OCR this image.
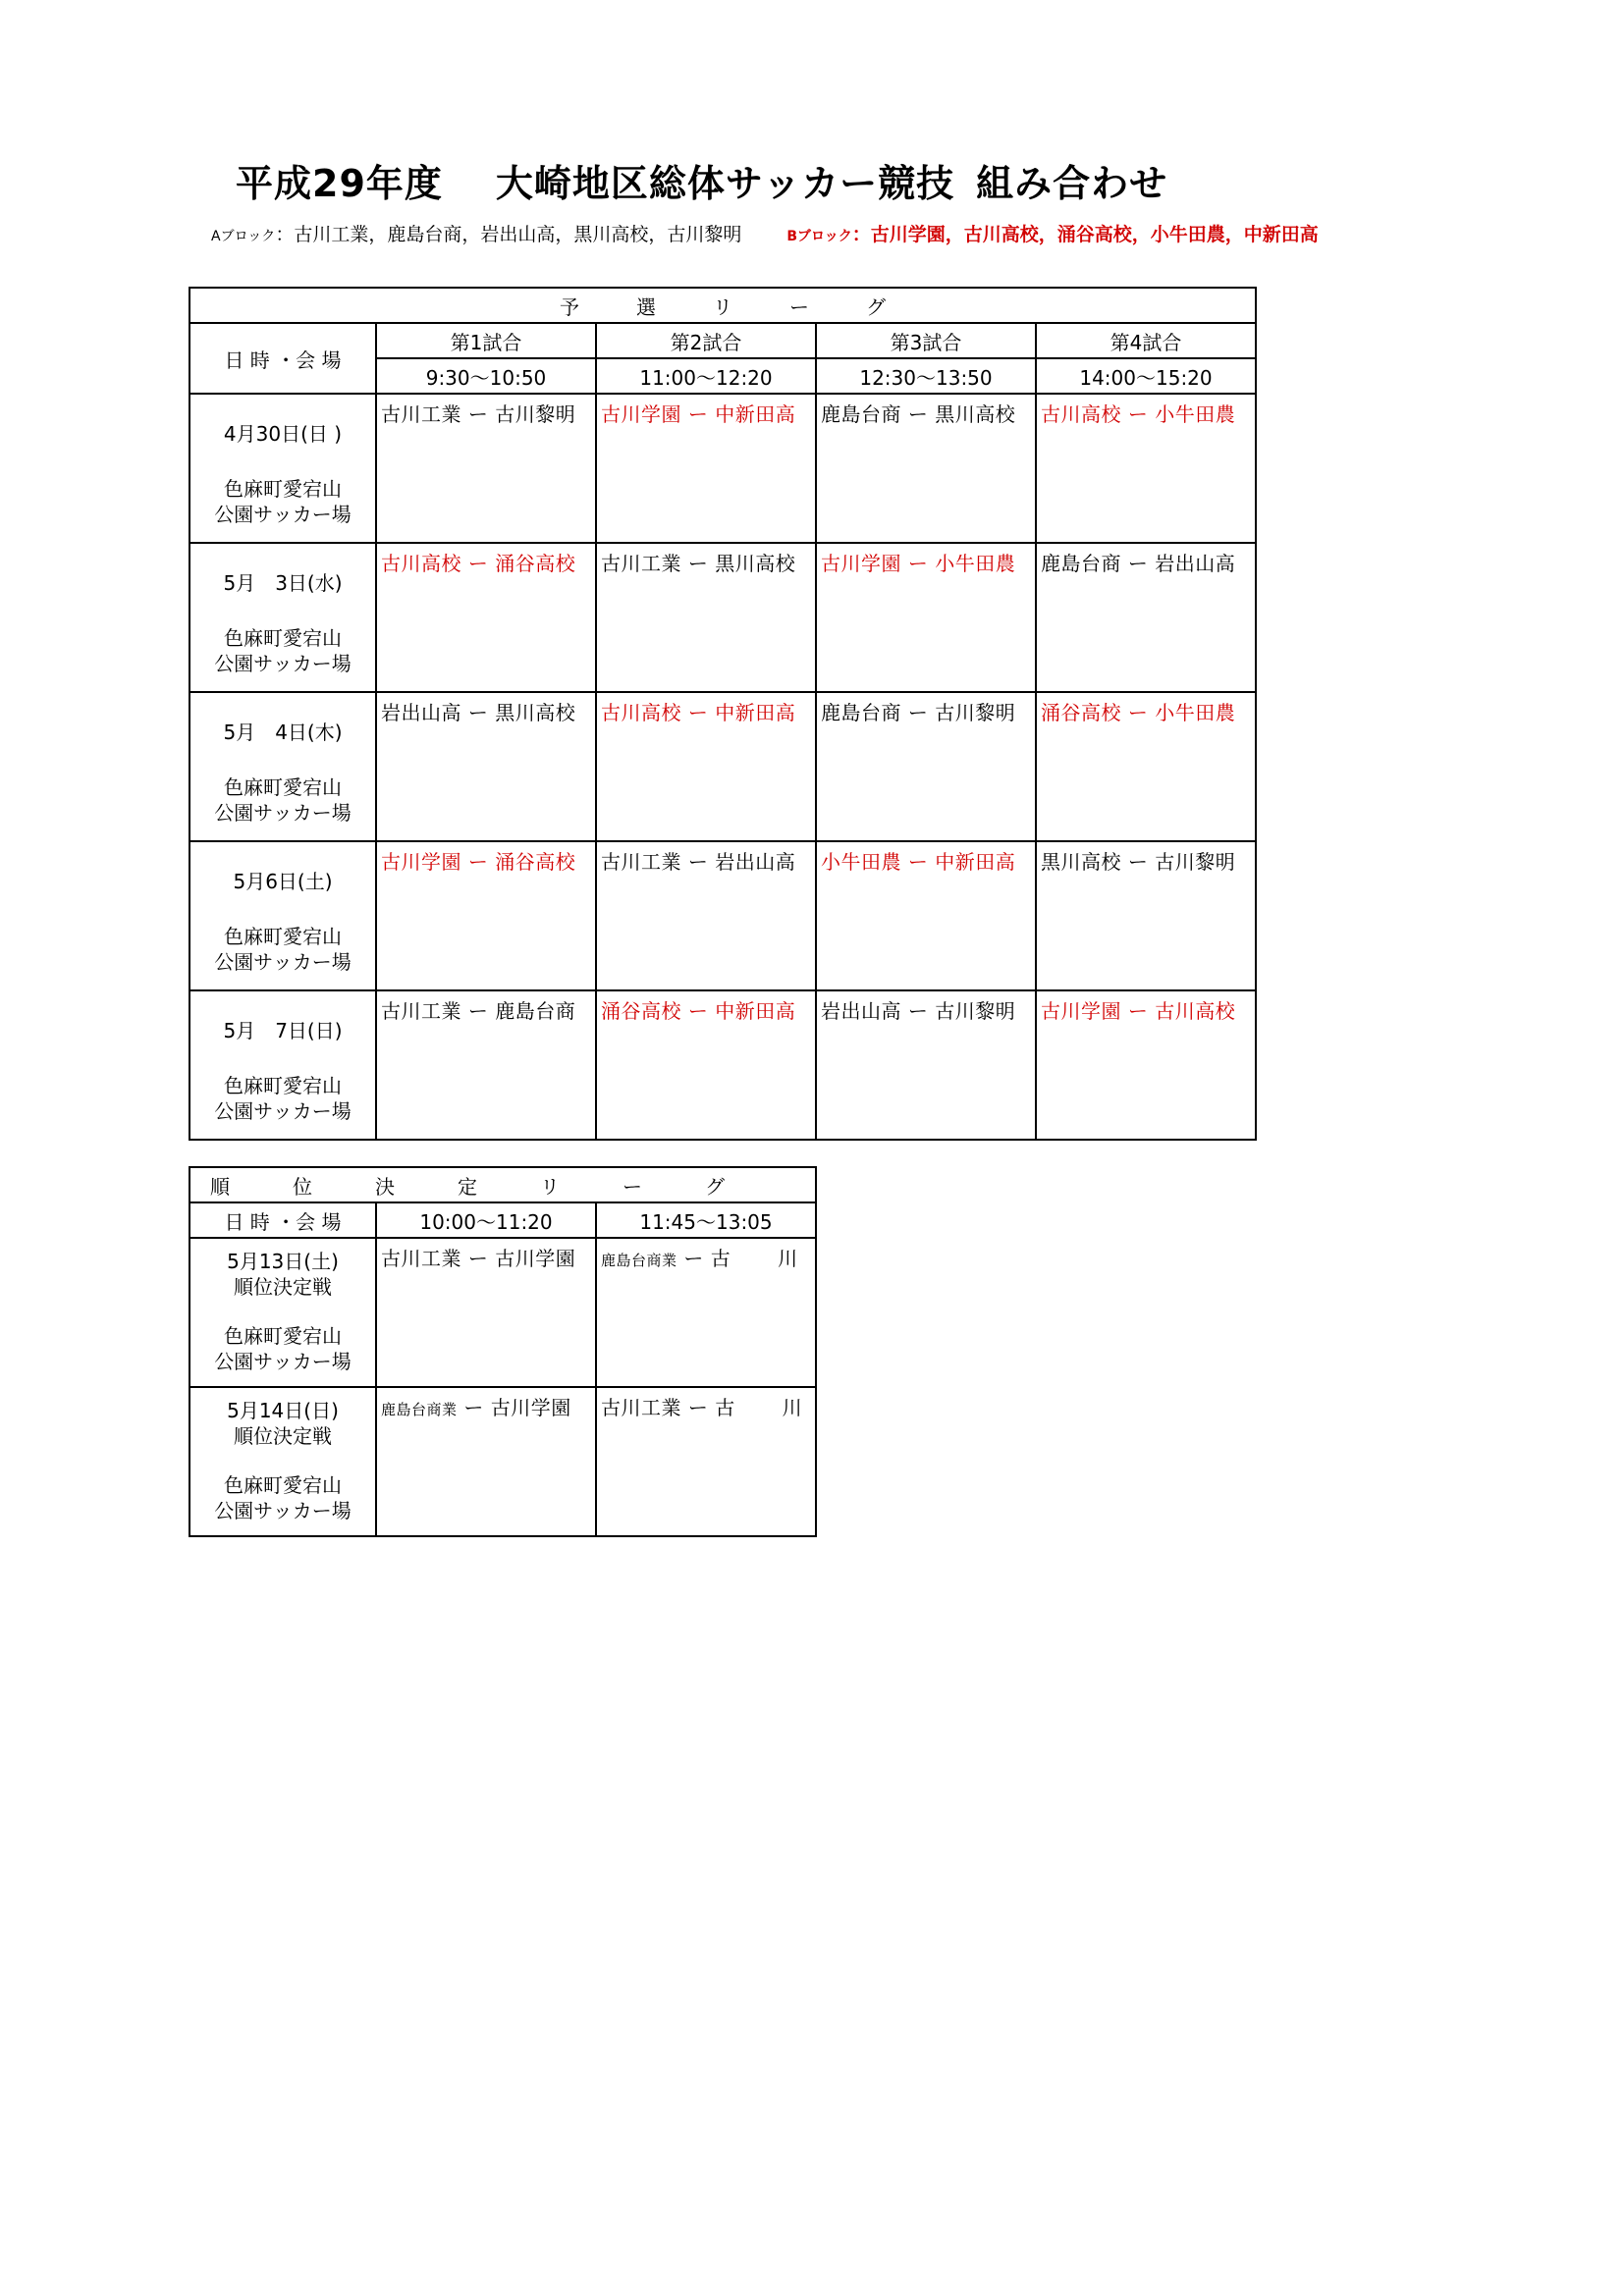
平成29年度 大崎地区総体サッカー競技 組み合わせ
Aブロック：古川工業，鹿島台商，岩出山高，黒川高校，古川黎明	Bブロック：古川学園，古川高校，涌谷高校，小牛田農，中新田高
予選リーグ				
日 時 ・会 場	第1試合	第2試合	第3試合	第4試合
	9:30〜10:50	11:00〜12:20	12:30〜13:50	14:00〜15:20

4月30日(日 )
色麻町愛宕山
公園サッカー場	古川工業 ー 古川黎明	古川学園 ー 中新田高	鹿島台商 ー 黒川高校	古川高校 ー 小牛田農

5月　3日(水)
色麻町愛宕山
公園サッカー場	古川高校 ー 涌谷高校	古川工業 ー 黒川高校	古川学園 ー 小牛田農	鹿島台商 ー 岩出山高

5月　4日(木)
色麻町愛宕山
公園サッカー場	岩出山高 ー 黒川高校	古川高校 ー 中新田高	鹿島台商 ー 古川黎明	涌谷高校 ー 小牛田農

5月6日(土)
色麻町愛宕山
公園サッカー場	古川学園 ー 涌谷高校	古川工業 ー 岩出山高	小牛田農 ー 中新田高	黒川高校 ー 古川黎明

5月　7日(日)
色麻町愛宕山
公園サッカー場	古川工業 ー 鹿島台商	涌谷高校 ー 中新田高	岩出山高 ー 古川黎明	古川学園 ー 古川高校
順位決定リーグ		
日 時 ・会 場	10:00〜11:20	11:45〜13:05

5月13日(土)
順位決定戦
色麻町愛宕山
公園サッカー場	古川工業 ー 古川学園	鹿島台商業 ー 古　　 川

5月14日(日)
順位決定戦
色麻町愛宕山
公園サッカー場	鹿島台商業 ー 古川学園	古川工業 ー 古　　 川
